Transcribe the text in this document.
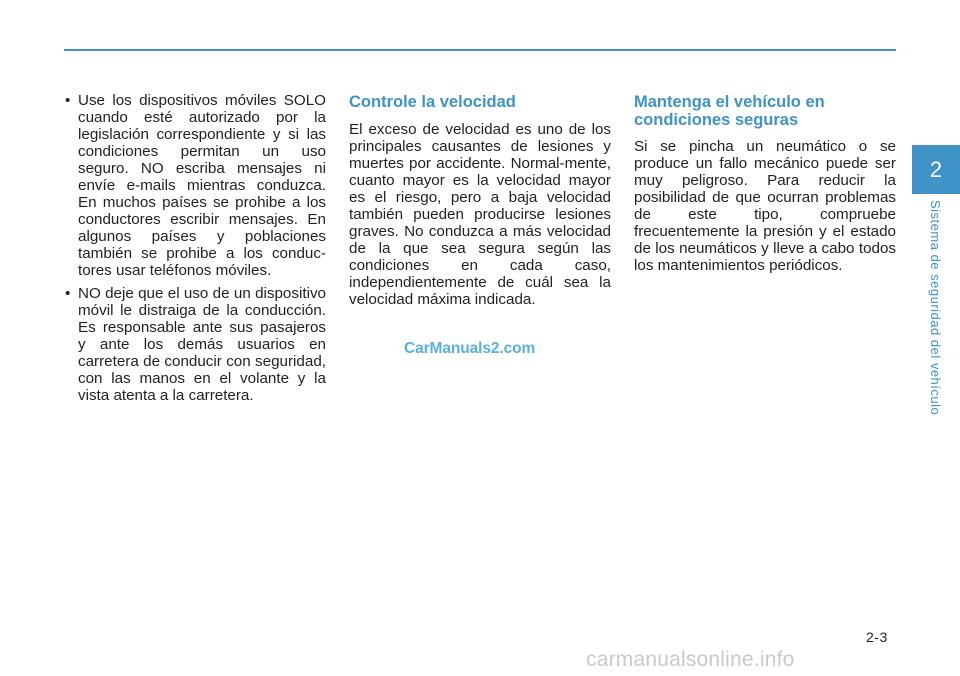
• Use los dispositivos móviles SOLO cuando esté autorizado por la legislación correspondiente y si las condiciones permitan un uso seguro. NO escriba mensajes ni envíe e-mails mientras conduzca. En muchos países se prohibe a los conductores escribir mensajes. En algunos países y poblaciones también se prohibe a los conduc-tores usar teléfonos móviles.
• NO deje que el uso de un dispositivo móvil le distraiga de la conducción. Es responsable ante sus pasajeros y ante los demás usuarios en carretera de conducir con seguridad, con las manos en el volante y la vista atenta a la carretera.
Controle la velocidad

El exceso de velocidad es uno de los principales causantes de lesiones y muertes por accidente. Normal-mente, cuanto mayor es la velocidad mayor es el riesgo, pero a baja velocidad también pueden producirse lesiones graves. No conduzca a más velocidad de la que sea segura según las condiciones en cada caso, independientemente de cuál sea la velocidad máxima indicada.

Mantenga el vehículo en condiciones seguras

Si se pincha un neumático o se produce un fallo mecánico puede ser muy peligroso. Para reducir la posibilidad de que ocurran problemas de este tipo, compruebe frecuentemente la presión y el estado de los neumáticos y lleve a cabo todos los mantenimientos periódicos.

CarManuals2.com
2
Sistema de seguridad del vehículo
2-3
carmanualsonline.info
